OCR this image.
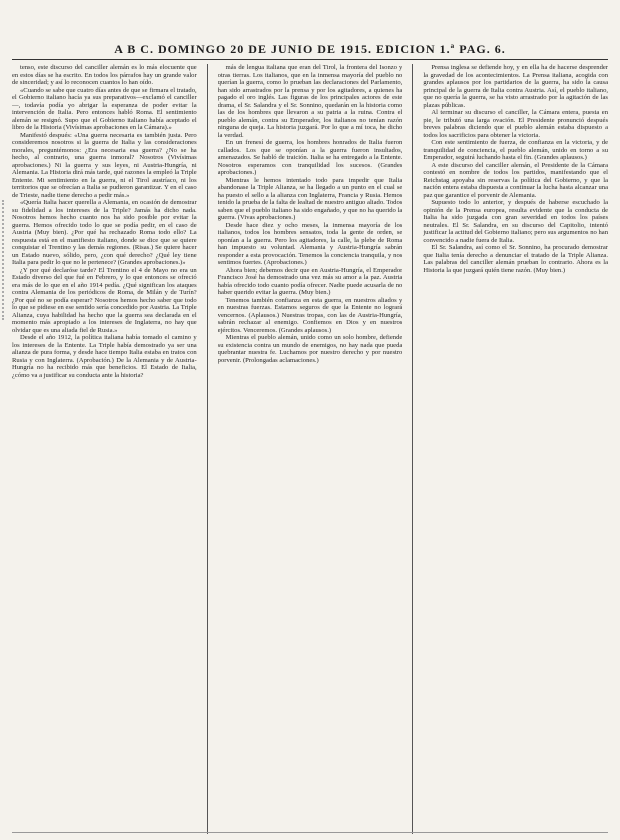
A B C. DOMINGO 20 DE JUNIO DE 1915. EDICION 1.ª PAG. 6.

tenso, este discurso del canciller alemán es lo más elocuente que en estos días se ha escrito. En todos los párrafos hay un grande valor de sinceridad; y así lo reconocen cuantos lo han oído.

«Cuando se sabe que cuatro días antes de que se firmara el tratado, el Gobierno italiano hacía ya sus preparativos—exclamó el canciller—, todavía podía yo abrigar la esperanza de poder evitar la intervención de Italia. Pero entonces habló Roma. El sentimiento alemán se resignó. Supo que el Gobierno italiano había aceptado el libro de la Historia (Vivísimas aprobaciones en la Cámara).»

Manifestó después: «Una guerra necesaria es también justa. Pero consideremos nosotros si la guerra de Italia y las consideraciones morales, preguntémonos: ¿Era necesaria esa guerra? ¿No se ha hecho, al contrario, una guerra inmoral? Nosotros (Vivísimas aprobaciones.) Ni la guerra y sus leyes, ni Austria-Hungría, ni Alemania. La Historia dirá más tarde, qué razones la empleó la Triple Entente. Mi sentimiento en la guerra, ni el Tirol austríaco, ni los territorios que se ofrecían a Italia se pudieron garantizar. Y en el caso de Trieste, nadie tiene derecho a pedir más.»

«Quería Italia hacer querella a Alemania, en ocasión de demostrar su fidelidad a los intereses de la Triple? Jamás ha dicho nada. Nosotros hemos hecho cuanto nos ha sido posible por evitar la guerra. Hemos ofrecido todo lo que se podía pedir, en el caso de Austria (Muy bien). ¿Por qué ha rechazado Roma todo ello? La respuesta está en el manifiesto italiano, donde se dice que se quiere conquistar el Trentino y las demás regiones. (Risas.) Se quiere hacer un Estado nuevo, sólido, pero, ¿con qué derecho? ¿Qué ley tiene Italia para pedir lo que no le pertenece? (Grandes aprobaciones.)»

¿Y por qué declaróse tarde? El Trentino el 4 de Mayo no era un Estado diverso del que fué en Febrero, y lo que entonces se ofreció era más de lo que en el año 1914 pedía. ¿Qué significan los ataques contra Alemania de los periódicos de Roma, de Milán y de Turín? ¿Por qué no se podía esperar? Nosotros hemos hecho saber que todo lo que se pidiese en ese sentido sería concedido por Austria. La Triple Alianza, cuya habilidad ha hecho que la guerra sea declarada en el momento más apropiado a los intereses de Inglaterra, no hay que olvidar que es una aliada fiel de Rusia.»

Desde el año 1912, la política italiana había tomado el camino y los intereses de la Entente. La Triple había demostrado ya ser una alianza de pura forma, y desde hace tiempo Italia estaba en tratos con Rusia y con Inglaterra. (Aprobación.) De la Alemania y de Austria-Hungría no ha recibido más que beneficios. El Estado de Italia, ¿cómo va a justificar su conducta ante la historia?

más de lengua italiana que eran del Tirol, la frontera del Isonzo y otras tierras. Los italianos, que en la inmensa mayoría del pueblo no querían la guerra, como lo prueban las declaraciones del Parlamento, han sido arrastrados por la prensa y por los agitadores, a quienes ha pagado el oro inglés. Las figuras de los principales actores de este drama, el Sr. Salandra y el Sr. Sonnino, quedarán en la historia como las de los hombres que llevaron a su patria a la ruina. Contra el pueblo alemán, contra su Emperador, los italianos no tenían razón ninguna de queja. La historia juzgará. Por lo que a mí toca, he dicho la verdad.

En un frenesí de guerra, los hombres honrados de Italia fueron callados. Los que se oponían a la guerra fueron insultados, amenazados. Se habló de traición. Italia se ha entregado a la Entente. Nosotros esperamos con tranquilidad los sucesos. (Grandes aprobaciones.)

Mientras le hemos intentado todo para impedir que Italia abandonase la Triple Alianza, se ha llegado a un punto en el cual se ha puesto el sello a la alianza con Inglaterra, Francia y Rusia. Hemos tenido la prueba de la falta de lealtad de nuestro antiguo aliado. Todos saben que el pueblo italiano ha sido engañado, y que no ha querido la guerra. (Vivas aprobaciones.)

Desde hace diez y ocho meses, la inmensa mayoría de los italianos, todos los hombres sensatos, toda la gente de orden, se oponían a la guerra. Pero los agitadores, la calle, la plebe de Roma han impuesto su voluntad. Alemania y Austria-Hungría sabrán responder a esta provocación. Tenemos la conciencia tranquila, y nos sentimos fuertes. (Aprobaciones.)

Ahora bien; debemos decir que en Austria-Hungría, el Emperador Francisco José ha demostrado una vez más su amor a la paz. Austria había ofrecido todo cuanto podía ofrecer. Nadie puede acusarla de no haber querido evitar la guerra. (Muy bien.)

Tenemos también confianza en esta guerra, en nuestros aliados y en nuestras fuerzas. Estamos seguros de que la Entente no logrará vencernos. (Aplausos.) Nuestras tropas, con las de Austria-Hungría, sabrán rechazar al enemigo. Confiemos en Dios y en nuestros ejércitos. Venceremos. (Grandes aplausos.)

Mientras el pueblo alemán, unido como un solo hombre, defiende su existencia contra un mundo de enemigos, no hay nada que pueda quebrantar nuestra fe. Luchamos por nuestro derecho y por nuestro porvenir. (Prolongadas aclamaciones.)

Prensa inglesa se defiende hoy, y en ella ha de hacerse desprender la gravedad de los acontecimientos. La Prensa italiana, acogida con grandes aplausos por los partidarios de la guerra, ha sido la causa principal de la guerra de Italia contra Austria. Así, el pueblo italiano, que no quería la guerra, se ha visto arrastrado por la agitación de las plazas públicas.

Al terminar su discurso el canciller, la Cámara entera, puesta en pie, le tributó una larga ovación. El Presidente pronunció después breves palabras diciendo que el pueblo alemán estaba dispuesto a todos los sacrificios para obtener la victoria.

Con este sentimiento de fuerza, de confianza en la victoria, y de tranquilidad de conciencia, el pueblo alemán, unido en torno a su Emperador, seguirá luchando hasta el fin. (Grandes aplausos.)

A este discurso del canciller alemán, el Presidente de la Cámara contestó en nombre de todos los partidos, manifestando que el Reichstag apoyaba sin reservas la política del Gobierno, y que la nación entera estaba dispuesta a continuar la lucha hasta alcanzar una paz que garantice el porvenir de Alemania.

Supuesto todo lo anterior, y después de haberse escuchado la opinión de la Prensa europea, resulta evidente que la conducta de Italia ha sido juzgada con gran severidad en todos los países neutrales. El Sr. Salandra, en su discurso del Capitolio, intentó justificar la actitud del Gobierno italiano; pero sus argumentos no han convencido a nadie fuera de Italia.

El Sr. Salandra, así como el Sr. Sonnino, ha procurado demostrar que Italia tenía derecho a denunciar el tratado de la Triple Alianza. Las palabras del canciller alemán prueban lo contrario. Ahora es la Historia la que juzgará quién tiene razón. (Muy bien.)
